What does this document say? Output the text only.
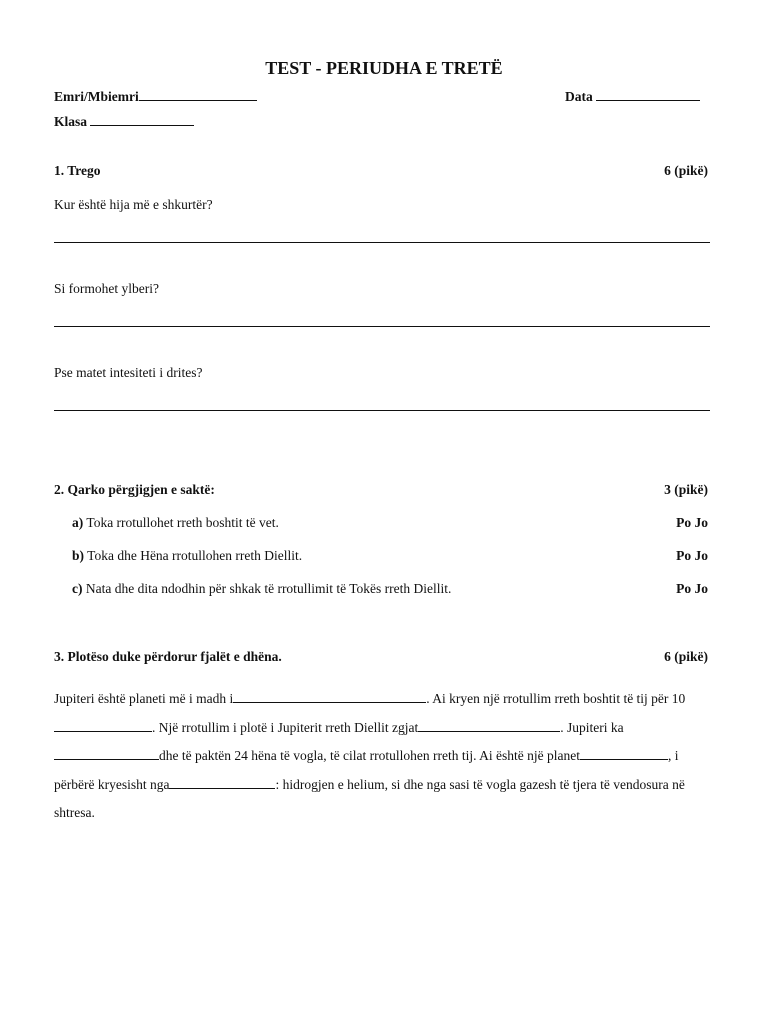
TEST - PERIUDHA E TRETË
Emri/Mbiemri	Data
Klasa
1. Trego	6 (pikë)
Kur është hija më e shkurtër?
Si formohet ylberi?
Pse matet intesiteti i drites?
2. Qarko përgjigjen e saktë:	3 (pikë)
a) Toka rrotullohet rreth boshtit të vet.	Po Jo
b) Toka dhe Hëna rrotullohen rreth Diellit.	Po Jo
c) Nata dhe dita ndodhin për shkak të rrotullimit të Tokës rreth Diellit.	Po Jo
3. Plotëso duke përdorur fjalët e dhëna.	6 (pikë)
Jupiteri është planeti më i madh i	. Ai kryen një rrotullim rreth boshtit të tij për 10. Një rrotullim i plotë i Jupiterit rreth Diellit zgjat	. Jupiteri kadhe të paktën 24 hëna të vogla, të cilat rrotullohen rreth tij. Ai është një planet	, i përbërë kryesisht nga	: hidrogjen e helium, si dhe nga sasi të vogla gazesh të tjera të vendosura në shtresa.
